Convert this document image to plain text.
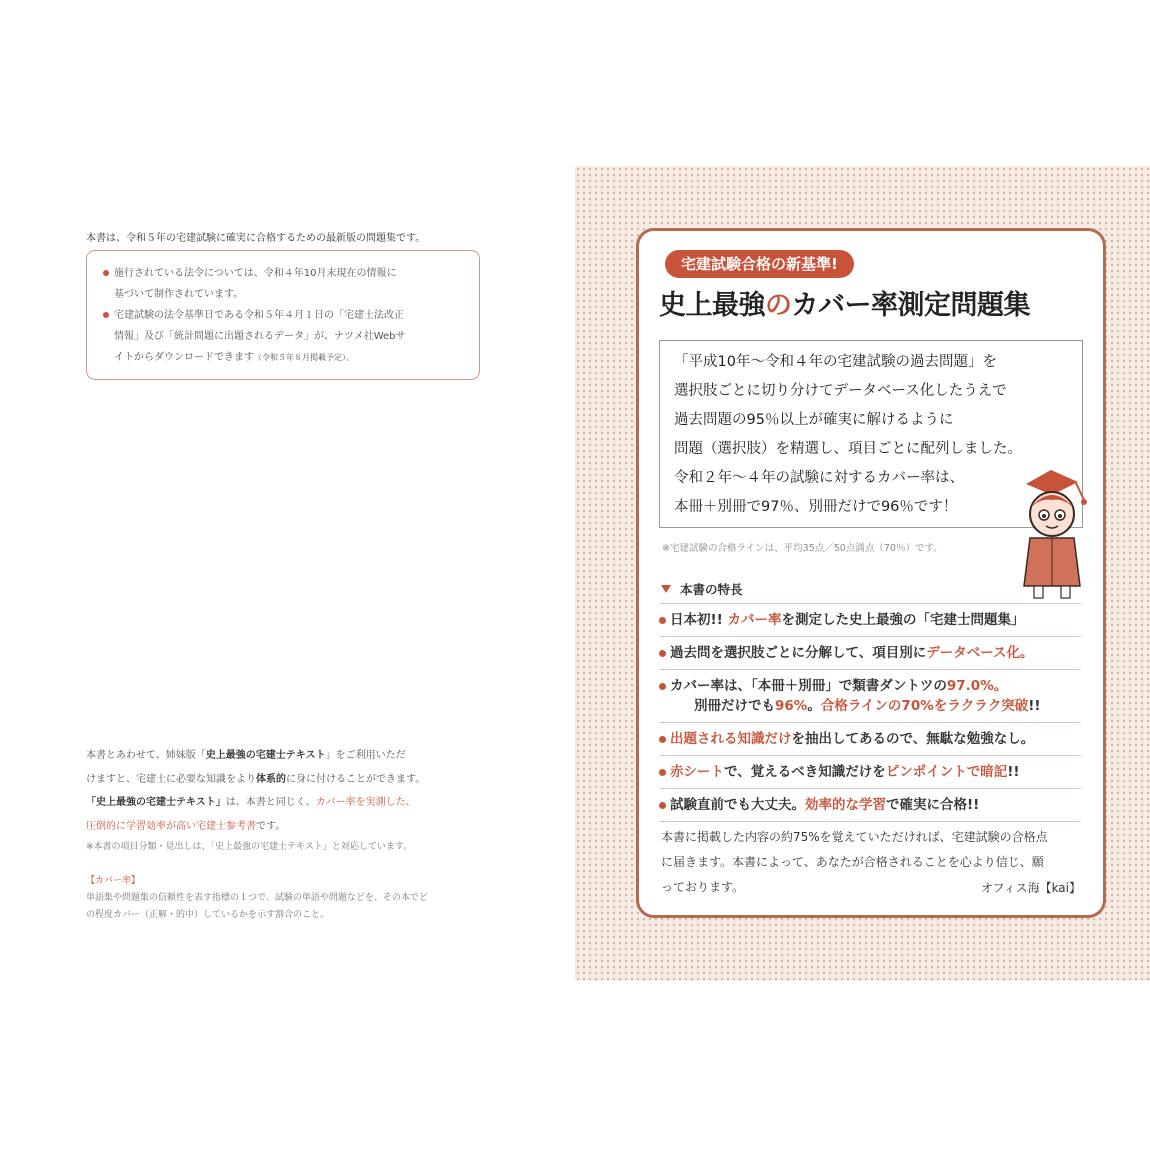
本書は、令和５年の宅建試験に確実に合格するための最新版の問題集です。
施行されている法令については、令和４年10月末現在の情報に
基づいて制作されています。
宅建試験の法令基準日である令和５年４月１日の「宅建士法改正
情報」及び「統計問題に出題されるデータ」が、ナツメ社Webサ
イトからダウンロードできます（令和５年８月掲載予定）。
本書とあわせて、姉妹版「史上最強の宅建士テキスト」をご利用いただ
けますと、宅建士に必要な知識をより体系的に身に付けることができます。
「史上最強の宅建士テキスト」は、本書と同じく、カバー率を実測した、
圧倒的に学習効率が高い宅建士参考書です。
※本書の項目分類・見出しは、「史上最強の宅建士テキスト」と対応しています。
【カバー率】
単語集や問題集の信頼性を表す指標の１つで、試験の単語や問題などを、その本でど
の程度カバー（正解・的中）しているかを示す割合のこと。
宅建試験合格の新基準!
史上最強のカバー率測定問題集
「平成10年～令和４年の宅建試験の過去問題」を
選択肢ごとに切り分けてデータベース化したうえで
過去問題の95％以上が確実に解けるように
問題（選択肢）を精選し、項目ごとに配列しました。
令和２年～４年の試験に対するカバー率は、
本冊＋別冊で97％、別冊だけで96％です！
※宅建試験の合格ラインは、平均35点／50点満点（70％）です。
本書の特長
日本初!! カバー率を測定した史上最強の「宅建士問題集」
過去問を選択肢ごとに分解して、項目別にデータベース化。
カバー率は、「本冊＋別冊」で類書ダントツの97.0%。
別冊だけでも96%。合格ラインの70%をラクラク突破!!
出題される知識だけを抽出してあるので、無駄な勉強なし。
赤シートで、覚えるべき知識だけをピンポイントで暗記!!
試験直前でも大丈夫。効率的な学習で確実に合格!!
本書に掲載した内容の約75%を覚えていただければ、宅建試験の合格点
に届きます。本書によって、あなたが合格されることを心より信じ、願
っております。	オフィス海【kai】
